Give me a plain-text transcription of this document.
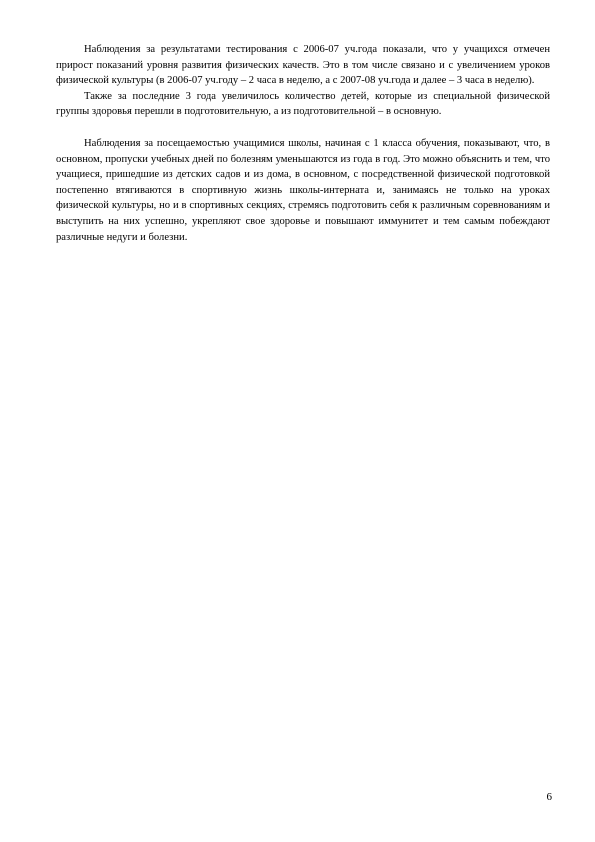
Наблюдения за результатами тестирования с 2006-07 уч.года показали, что у учащихся отмечен прирост показаний уровня развития физических качеств. Это в том числе связано и с увеличением уроков физической культуры (в 2006-07 уч.году – 2 часа в неделю, а с 2007-08 уч.года и далее – 3 часа в неделю).

Также за последние 3 года увеличилось количество детей, которые из специальной физической группы здоровья перешли в подготовительную, а из подготовительной – в основную.

Наблюдения за посещаемостью учащимися школы, начиная с 1 класса обучения, показывают, что, в основном, пропуски учебных дней по болезням уменьшаются из года в год. Это можно объяснить и тем, что учащиеся, пришедшие из детских садов и из дома, в основном, с посредственной физической подготовкой постепенно втягиваются в спортивную жизнь школы-интерната и, занимаясь не только на уроках физической культуры, но и в спортивных секциях, стремясь подготовить себя к различным соревнованиям и выступить на них успешно, укрепляют свое здоровье и повышают иммунитет и тем самым побеждают различные недуги и болезни.

6
